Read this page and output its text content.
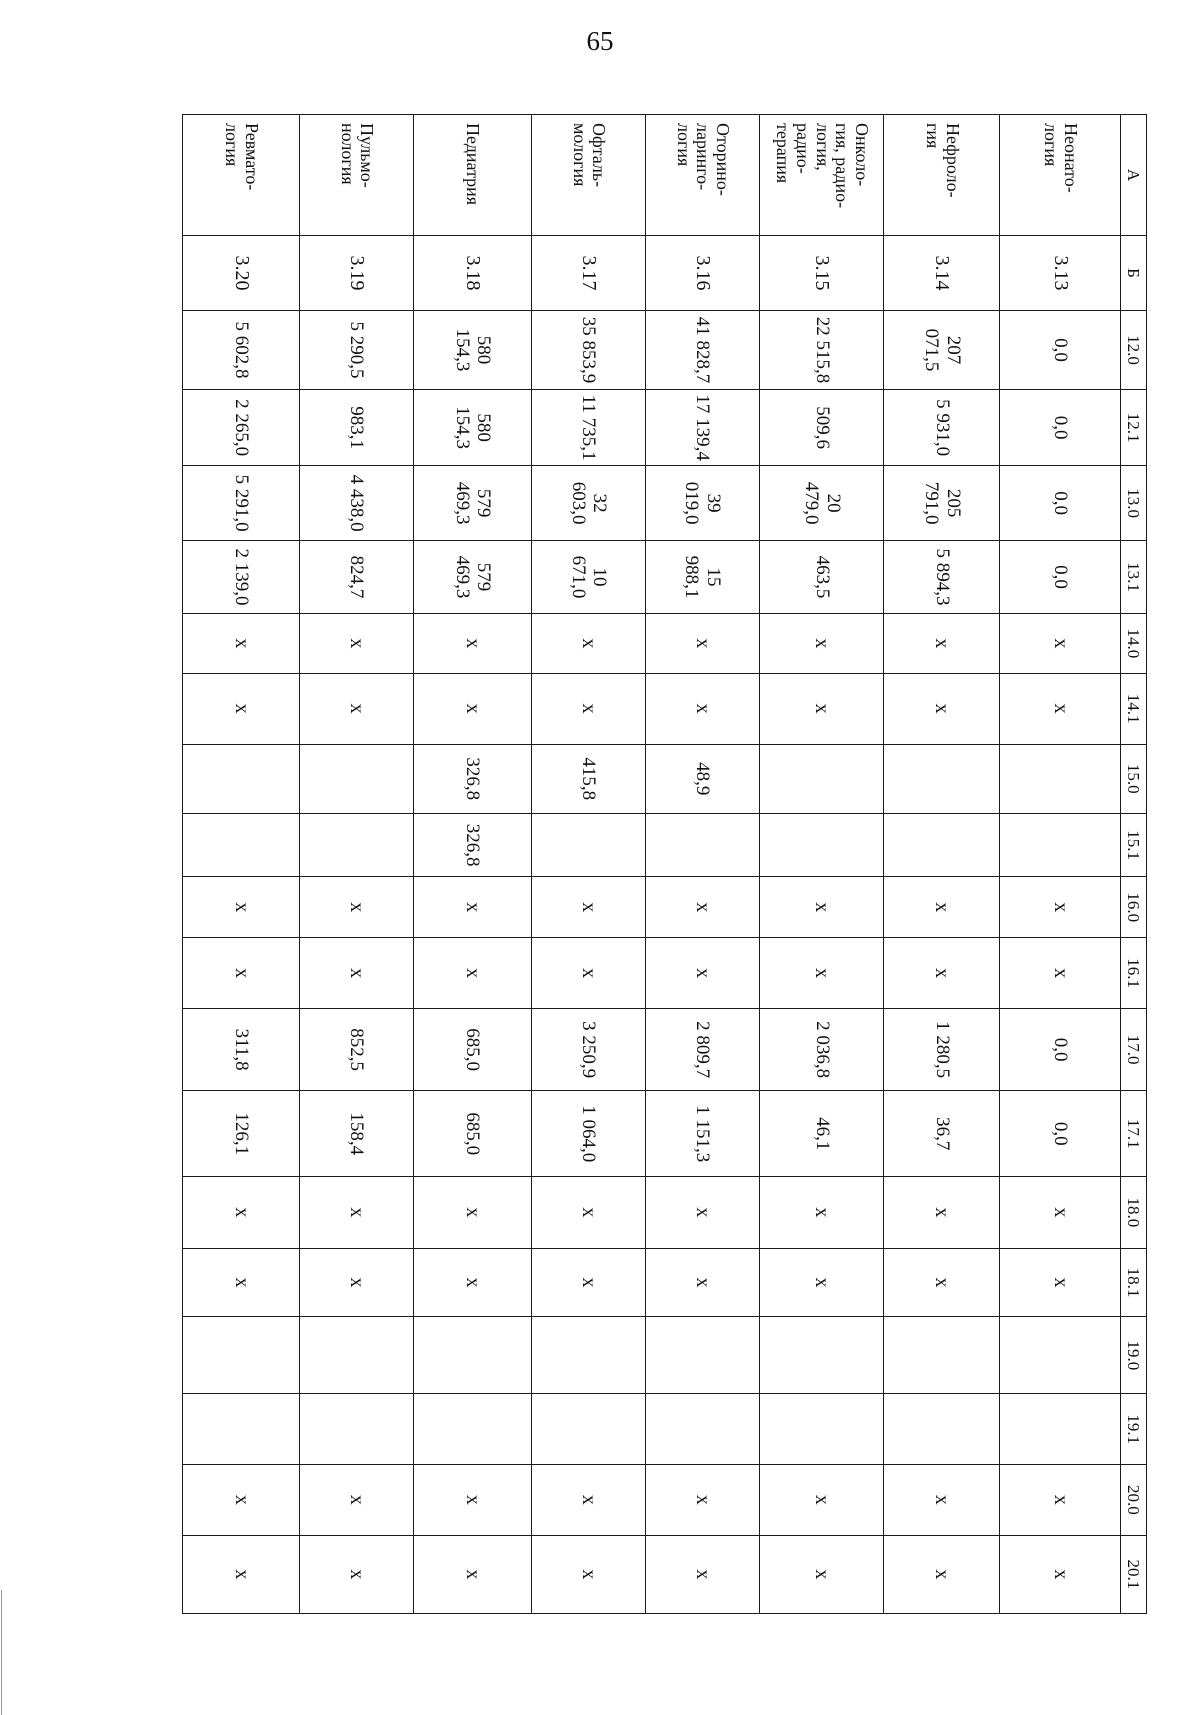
65
А	Б	12.0	12.1	13.0	13.1	14.0	14.1	15.0	15.1	16.0	16.1	17.0	17.1	18.0	18.1	19.0	19.1	20.0	20.1
Неонато-
логия	3.13	0,0	0,0	0,0	0,0	x	x			x	x	0,0	0,0	x	x			x	x
Нефроло-
гия	3.14	207 071,5	5 931,0	205 791,0	5 894,3	x	x			x	x	1 280,5	36,7	x	x			x	x
Онколо-
гия, радио-
логия,
радио-
терапия	3.15	22 515,8	509,6	20 479,0	463,5	x	x			x	x	2 036,8	46,1	x	x			x	x
Оторино-
ларинго-
логия	3.16	41 828,7	17 139,4	39 019,0	15 988,1	x	x	48,9		x	x	2 809,7	1 151,3	x	x			x	x
Офталь-
мология	3.17	35 853,9	11 735,1	32 603,0	10 671,0	x	x	415,8		x	x	3 250,9	1 064,0	x	x			x	x
Педиатрия	3.18	580 154,3	580 154,3	579 469,3	579 469,3	x	x	326,8	326,8	x	x	685,0	685,0	x	x			x	x
Пульмо-
нология	3.19	5 290,5	983,1	4 438,0	824,7	x	x			x	x	852,5	158,4	x	x			x	x
Ревмато-
логия	3.20	5 602,8	2 265,0	5 291,0	2 139,0	x	x			x	x	311,8	126,1	x	x			x	x
